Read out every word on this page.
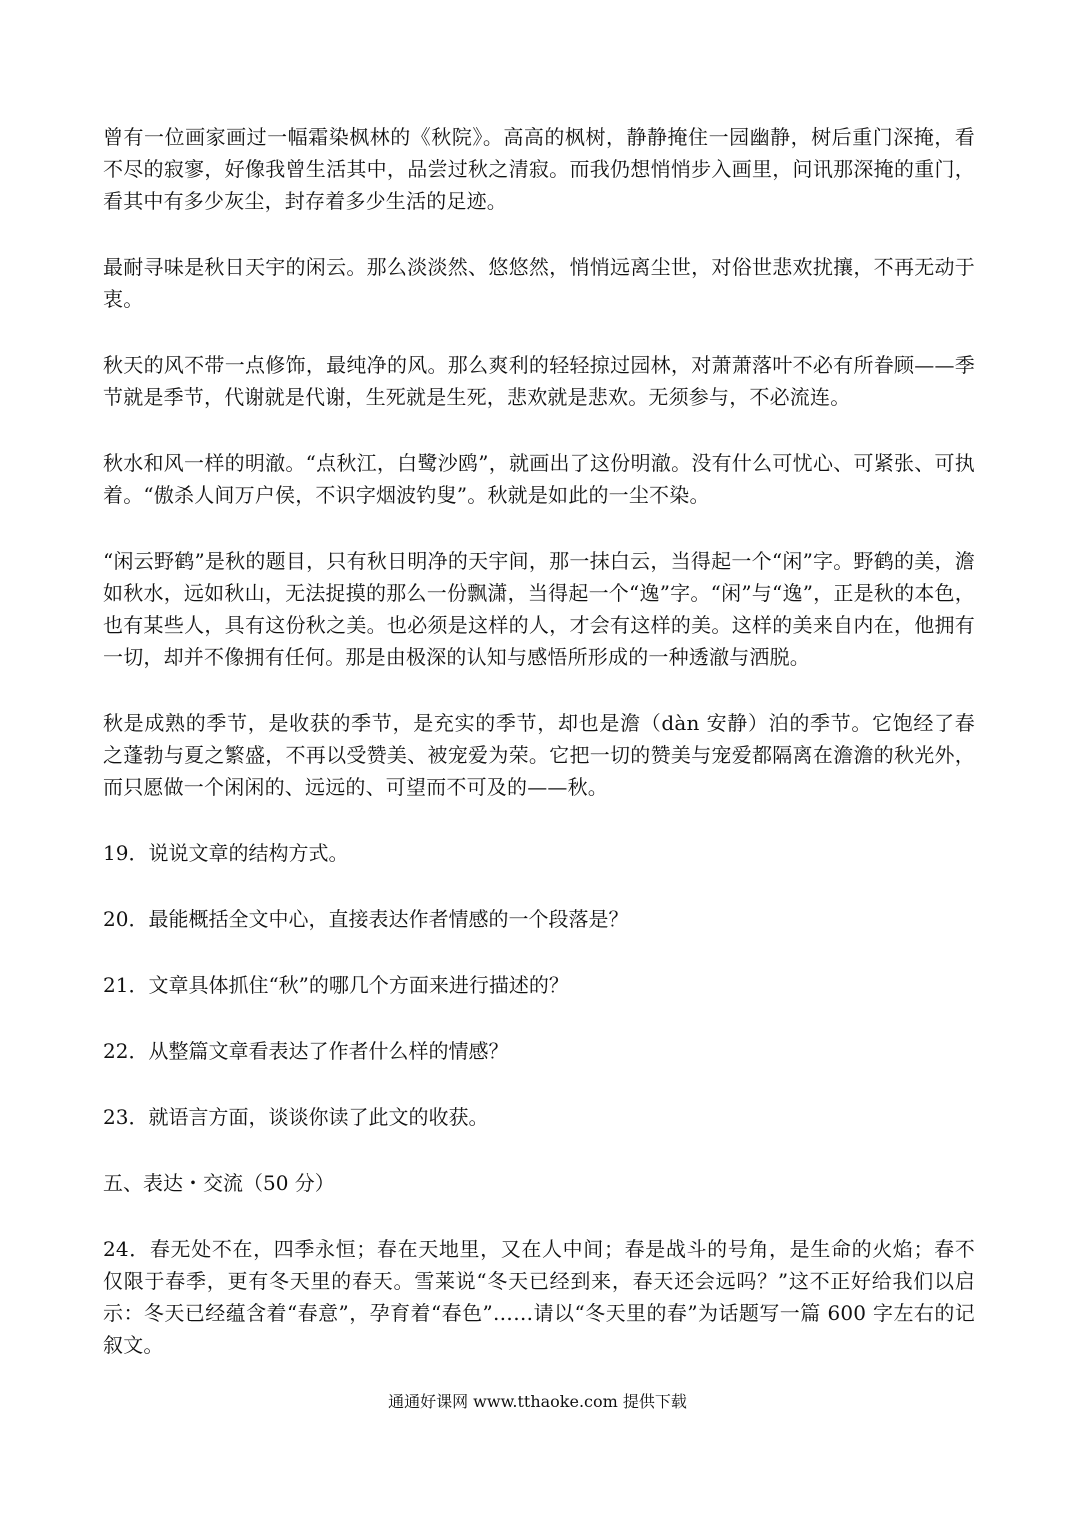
曾有一位画家画过一幅霜染枫林的《秋院》。高高的枫树，静静掩住一园幽静，树后重门深掩，看不尽的寂寥，好像我曾生活其中，品尝过秋之清寂。而我仍想悄悄步入画里，问讯那深掩的重门，看其中有多少灰尘，封存着多少生活的足迹。

最耐寻味是秋日天宇的闲云。那么淡淡然、悠悠然，悄悄远离尘世，对俗世悲欢扰攘，不再无动于衷。

秋天的风不带一点修饰，最纯净的风。那么爽利的轻轻掠过园林，对萧萧落叶不必有所眷顾——季节就是季节，代谢就是代谢，生死就是生死，悲欢就是悲欢。无须参与，不必流连。

秋水和风一样的明澈。“点秋江，白鹭沙鸥”，就画出了这份明澈。没有什么可忧心、可紧张、可执着。“傲杀人间万户侯，不识字烟波钓叟”。秋就是如此的一尘不染。

“闲云野鹤”是秋的题目，只有秋日明净的天宇间，那一抹白云，当得起一个“闲”字。野鹤的美，澹如秋水，远如秋山，无法捉摸的那么一份飘潇，当得起一个“逸”字。“闲”与“逸”，正是秋的本色，也有某些人，具有这份秋之美。也必须是这样的人，才会有这样的美。这样的美来自内在，他拥有一切，却并不像拥有任何。那是由极深的认知与感悟所形成的一种透澈与洒脱。

秋是成熟的季节，是收获的季节，是充实的季节，却也是澹（dàn 安静）泊的季节。它饱经了春之蓬勃与夏之繁盛，不再以受赞美、被宠爱为荣。它把一切的赞美与宠爱都隔离在澹澹的秋光外，而只愿做一个闲闲的、远远的、可望而不可及的——秋。

19．说说文章的结构方式。

20．最能概括全文中心，直接表达作者情感的一个段落是？

21．文章具体抓住“秋”的哪几个方面来进行描述的？

22．从整篇文章看表达了作者什么样的情感？

23．就语言方面，谈谈你读了此文的收获。

五、表达・交流（50 分）

24．春无处不在，四季永恒；春在天地里，又在人中间；春是战斗的号角，是生命的火焰；春不仅限于春季，更有冬天里的春天。雪莱说“冬天已经到来，春天还会远吗？”这不正好给我们以启示：冬天已经蕴含着“春意”，孕育着“春色”……请以“冬天里的春”为话题写一篇 600 字左右的记叙文。

通通好课网 www.tthaoke.com 提供下载
